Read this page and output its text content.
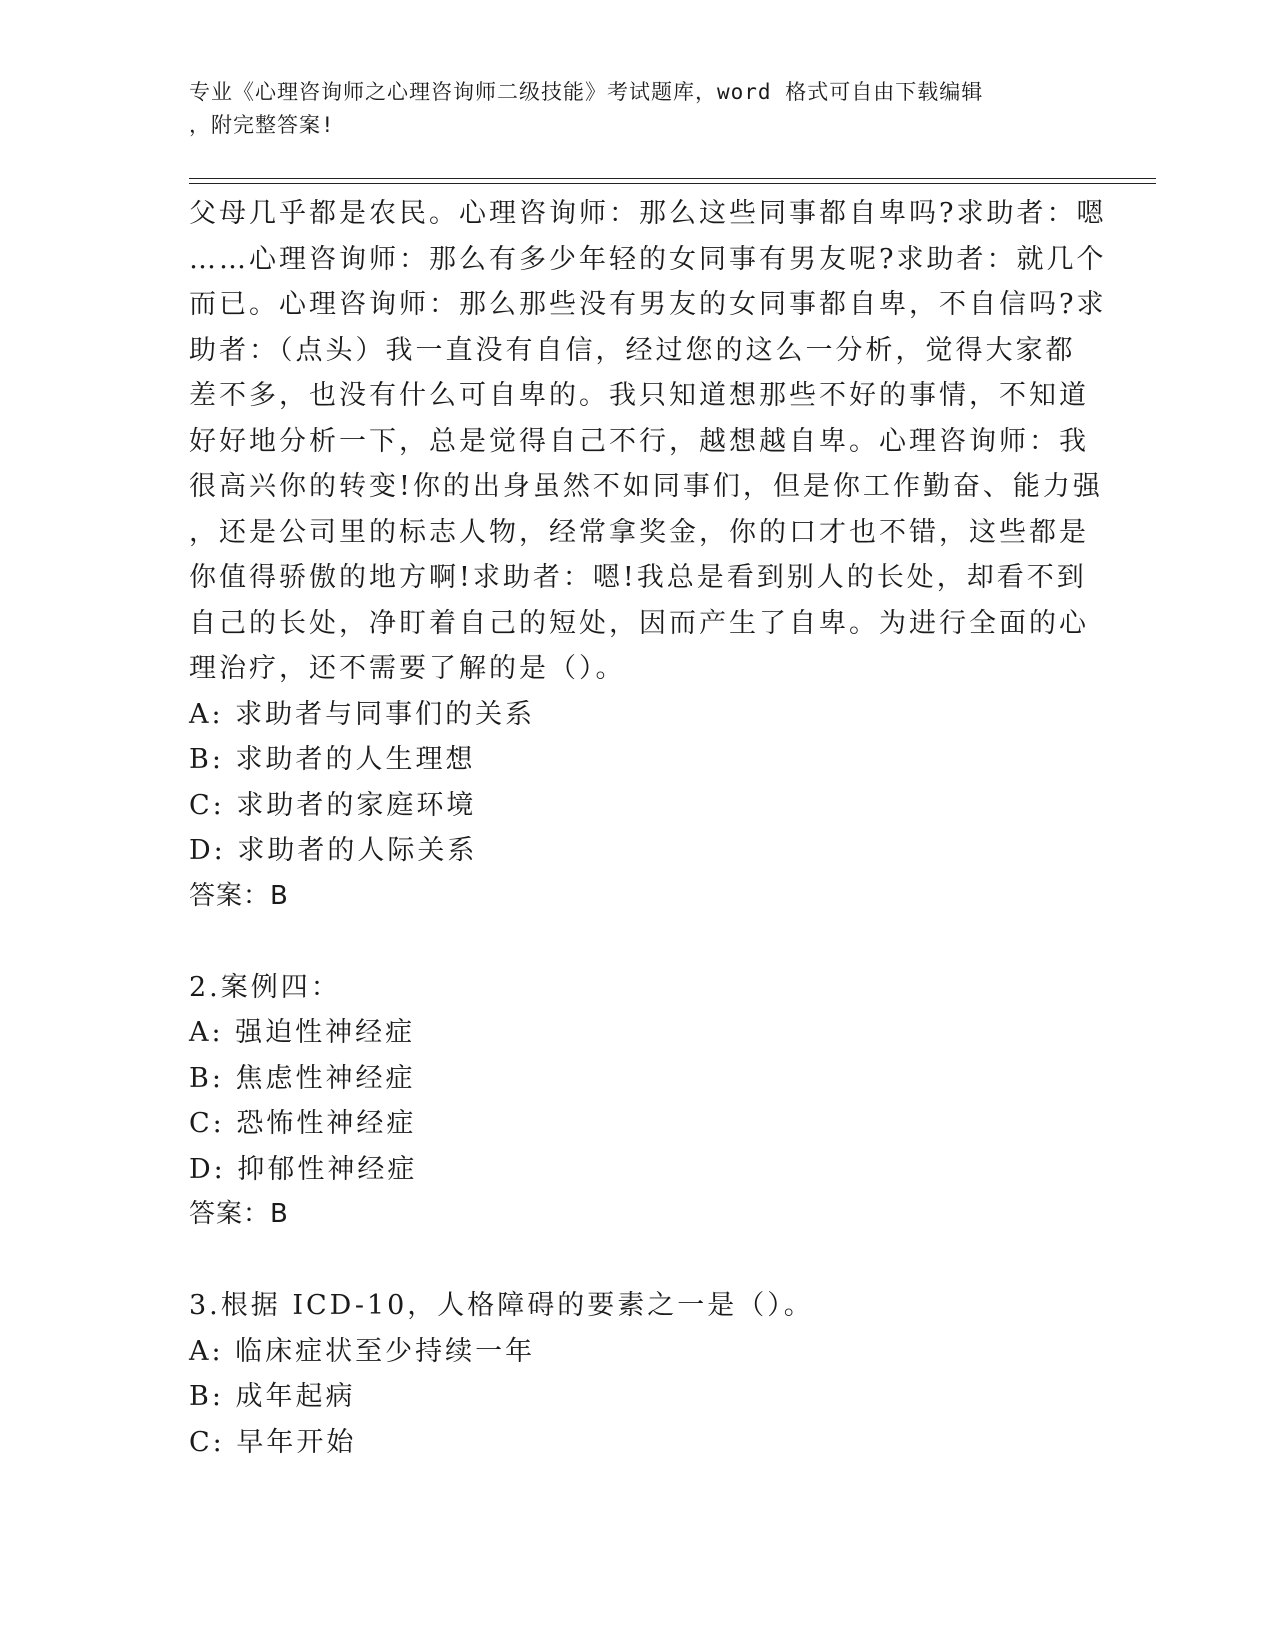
专业《心理咨询师之心理咨询师二级技能》考试题库，word 格式可自由下载编辑
，附完整答案!
父母几乎都是农民。心理咨询师：那么这些同事都自卑吗?求助者：嗯
……心理咨询师：那么有多少年轻的女同事有男友呢?求助者：就几个
而已。心理咨询师：那么那些没有男友的女同事都自卑，不自信吗?求
助者：（点头）我一直没有自信，经过您的这么一分析，觉得大家都
差不多，也没有什么可自卑的。我只知道想那些不好的事情，不知道
好好地分析一下，总是觉得自己不行，越想越自卑。心理咨询师：我
很高兴你的转变!你的出身虽然不如同事们，但是你工作勤奋、能力强
，还是公司里的标志人物，经常拿奖金，你的口才也不错，这些都是
你值得骄傲的地方啊!求助者：嗯!我总是看到别人的长处，却看不到
自己的长处，净盯着自己的短处，因而产生了自卑。为进行全面的心
理治疗，还不需要了解的是（）。
A: 求助者与同事们的关系
B: 求助者的人生理想
C: 求助者的家庭环境
D: 求助者的人际关系
答案：B
2.案例四：
A: 强迫性神经症
B: 焦虑性神经症
C: 恐怖性神经症
D: 抑郁性神经症
答案：B
3.根据 ICD-10，人格障碍的要素之一是（）。
A: 临床症状至少持续一年
B: 成年起病
C: 早年开始
